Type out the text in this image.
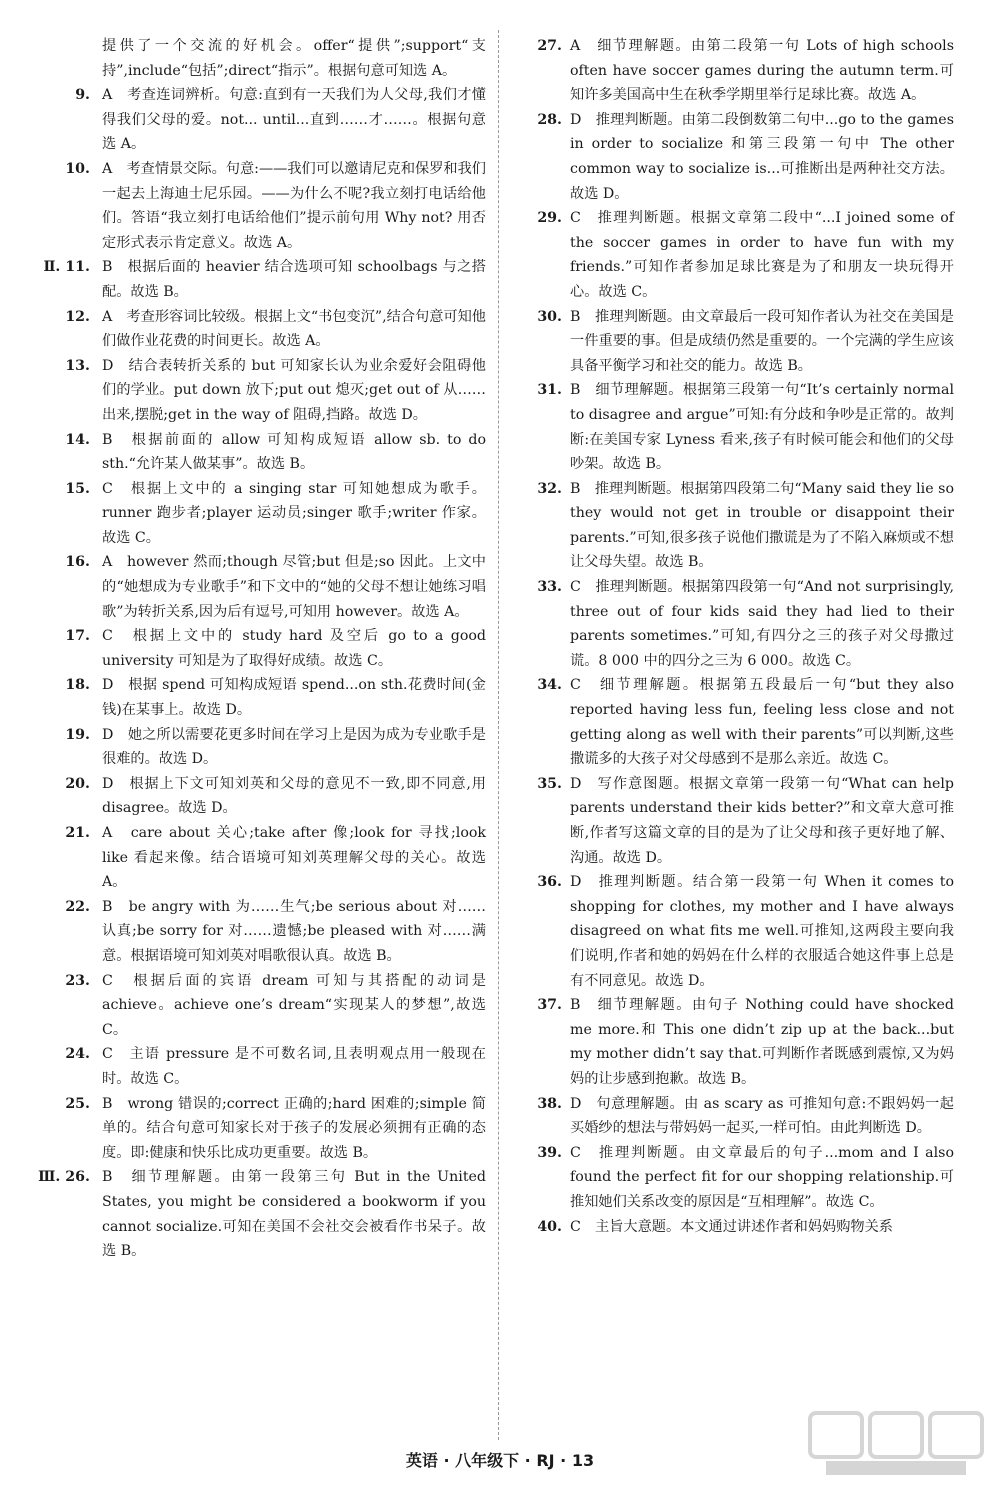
提供了一个交流的好机会。offer“提供”;support“支持”,include“包括”;direct“指示”。根据句意可知选 A。
9. A　考查连词辨析。句意:直到有一天我们为人父母,我们才懂得我们父母的爱。not... until...直到……才……。根据句意选 A。
10. A　考查情景交际。句意:——我们可以邀请尼克和保罗和我们一起去上海迪士尼乐园。——为什么不呢?我立刻打电话给他们。答语“我立刻打电话给他们”提示前句用 Why not? 用否定形式表示肯定意义。故选 A。
Ⅱ. 11. B　根据后面的 heavier 结合选项可知 schoolbags 与之搭配。故选 B。
12. A　考查形容词比较级。根据上文“书包变沉”,结合句意可知他们做作业花费的时间更长。故选 A。
13. D　结合表转折关系的 but 可知家长认为业余爱好会阻碍他们的学业。put down 放下;put out 熄灭;get out of 从……出来,摆脱;get in the way of 阻碍,挡路。故选 D。
14. B　根据前面的 allow 可知构成短语 allow sb. to do sth.“允许某人做某事”。故选 B。
15. C　根据上文中的 a singing star 可知她想成为歌手。runner 跑步者;player 运动员;singer 歌手;writer 作家。故选 C。
16. A　however 然而;though 尽管;but 但是;so 因此。上文中的“她想成为专业歌手”和下文中的“她的父母不想让她练习唱歌”为转折关系,因为后有逗号,可知用 however。故选 A。
17. C　根据上文中的 study hard 及空后 go to a good university 可知是为了取得好成绩。故选 C。
18. D　根据 spend 可知构成短语 spend...on sth.花费时间(金钱)在某事上。故选 D。
19. D　她之所以需要花更多时间在学习上是因为成为专业歌手是很难的。故选 D。
20. D　根据上下文可知刘英和父母的意见不一致,即不同意,用 disagree。故选 D。
21. A　care about 关心;take after 像;look for 寻找;look like 看起来像。结合语境可知刘英理解父母的关心。故选 A。
22. B　be angry with 为……生气;be serious about 对……认真;be sorry for 对……遗憾;be pleased with 对……满意。根据语境可知刘英对唱歌很认真。故选 B。
23. C　根据后面的宾语 dream 可知与其搭配的动词是 achieve。achieve one’s dream“实现某人的梦想”,故选 C。
24. C　主语 pressure 是不可数名词,且表明观点用一般现在时。故选 C。
25. B　wrong 错误的;correct 正确的;hard 困难的;simple 简单的。结合句意可知家长对于孩子的发展必须拥有正确的态度。即:健康和快乐比成功更重要。故选 B。
Ⅲ. 26. B　细节理解题。由第一段第三句 But in the United States, you might be considered a bookworm if you cannot socialize.可知在美国不会社交会被看作书呆子。故选 B。
27. A　细节理解题。由第二段第一句 Lots of high schools often have soccer games during the autumn term.可知许多美国高中生在秋季学期里举行足球比赛。故选 A。
28. D　推理判断题。由第二段倒数第二句中...go to the games in order to socialize 和第三段第一句中 The other common way to socialize is...可推断出是两种社交方法。故选 D。
29. C　推理判断题。根据文章第二段中“...I joined some of the soccer games in order to have fun with my friends.”可知作者参加足球比赛是为了和朋友一块玩得开心。故选 C。
30. B　推理判断题。由文章最后一段可知作者认为社交在美国是一件重要的事。但是成绩仍然是重要的。一个完满的学生应该具备平衡学习和社交的能力。故选 B。
31. B　细节理解题。根据第三段第一句“It’s certainly normal to disagree and argue”可知:有分歧和争吵是正常的。故判断:在美国专家 Lyness 看来,孩子有时候可能会和他们的父母吵架。故选 B。
32. B　推理判断题。根据第四段第二句“Many said they lie so they would not get in trouble or disappoint their parents.”可知,很多孩子说他们撒谎是为了不陷入麻烦或不想让父母失望。故选 B。
33. C　推理判断题。根据第四段第一句“And not surprisingly, three out of four kids said they had lied to their parents sometimes.”可知,有四分之三的孩子对父母撒过谎。8 000 中的四分之三为 6 000。故选 C。
34. C　细节理解题。根据第五段最后一句“but they also reported having less fun, feeling less close and not getting along as well with their parents”可以判断,这些撒谎多的大孩子对父母感到不是那么亲近。故选 C。
35. D　写作意图题。根据文章第一段第一句“What can help parents understand their kids better?”和文章大意可推断,作者写这篇文章的目的是为了让父母和孩子更好地了解、沟通。故选 D。
36. D　推理判断题。结合第一段第一句 When it comes to shopping for clothes, my mother and I have always disagreed on what fits me well.可推知,这两段主要向我们说明,作者和她的妈妈在什么样的衣服适合她这件事上总是有不同意见。故选 D。
37. B　细节理解题。由句子 Nothing could have shocked me more.和 This one didn’t zip up at the back...but my mother didn’t say that.可判断作者既感到震惊,又为妈妈的让步感到抱歉。故选 B。
38. D　句意理解题。由 as scary as 可推知句意:不跟妈妈一起买婚纱的想法与带妈妈一起买,一样可怕。由此判断选 D。
39. C　推理判断题。由文章最后的句子...mom and I also found the perfect fit for our shopping relationship.可推知她们关系改变的原因是“互相理解”。故选 C。
40. C　主旨大意题。本文通过讲述作者和妈妈购物关系
英语 · 八年级下 · RJ · 13
